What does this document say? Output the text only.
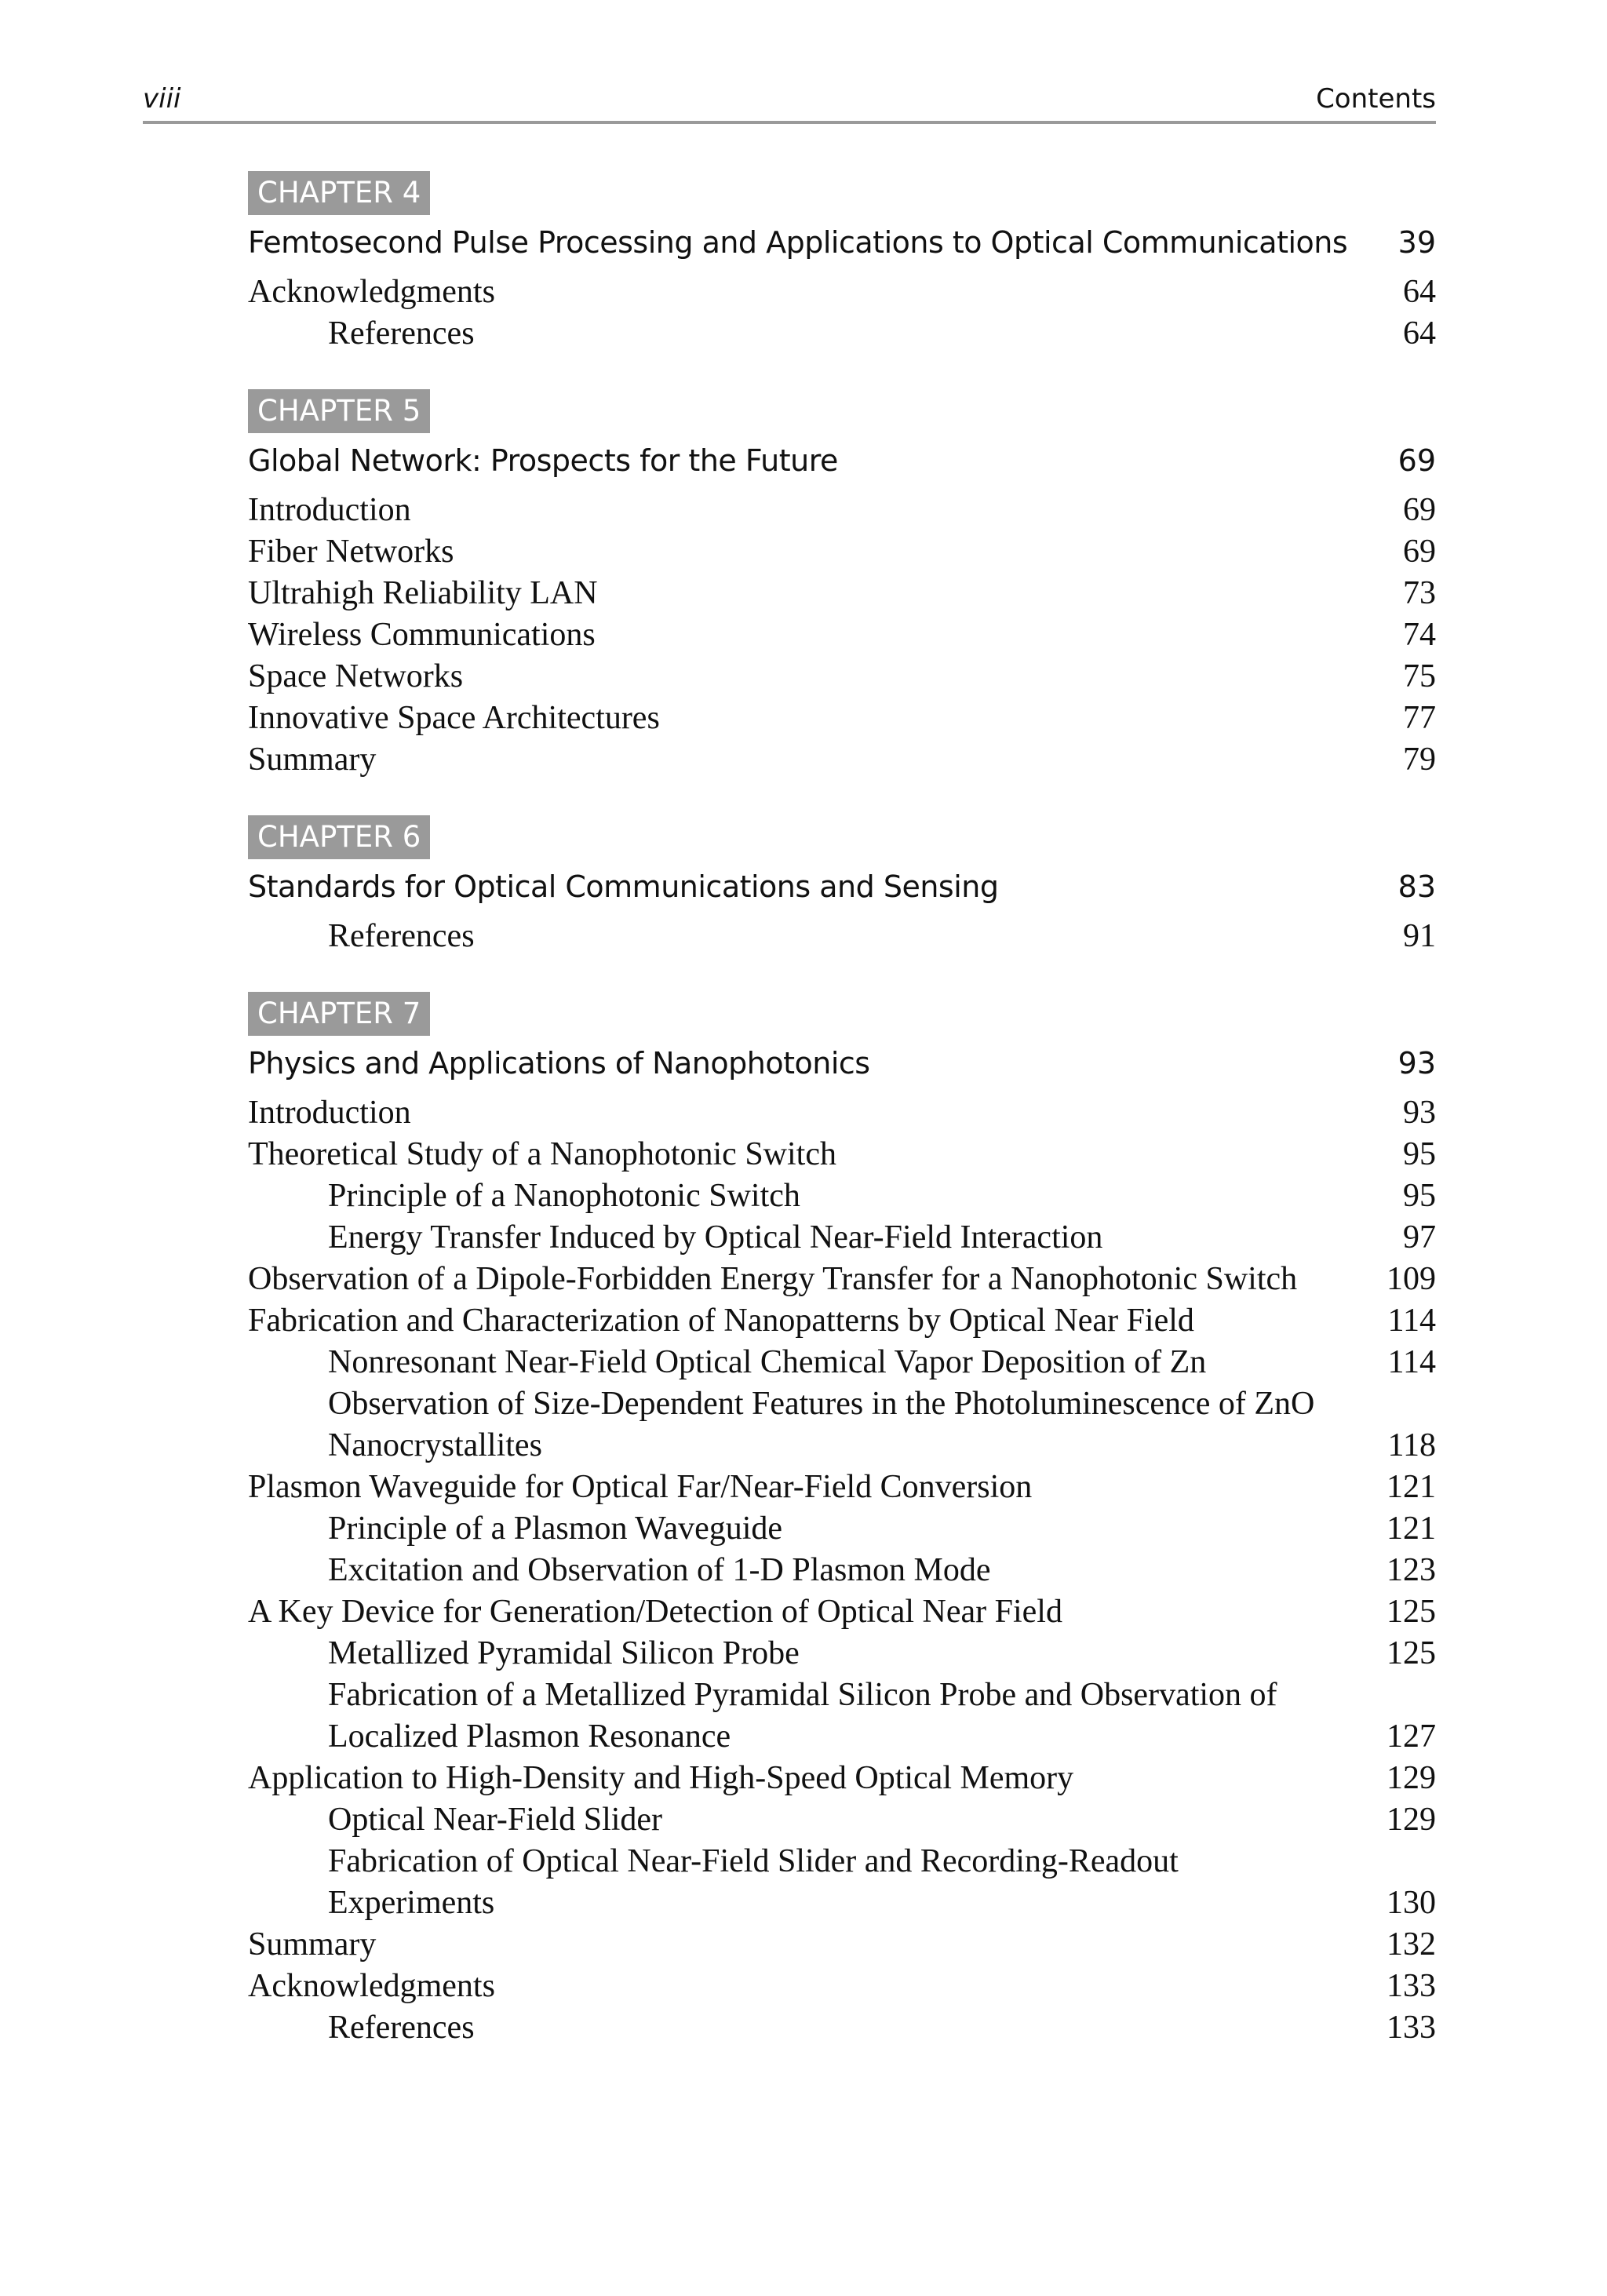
viii	Contents
CHAPTER 4
Femtosecond Pulse Processing and Applications to Optical Communications	39
Acknowledgments	64
References	64
CHAPTER 5
Global Network: Prospects for the Future	69
Introduction	69
Fiber Networks	69
Ultrahigh Reliability LAN	73
Wireless Communications	74
Space Networks	75
Innovative Space Architectures	77
Summary	79
CHAPTER 6
Standards for Optical Communications and Sensing	83
References	91
CHAPTER 7
Physics and Applications of Nanophotonics	93
Introduction	93
Theoretical Study of a Nanophotonic Switch	95
Principle of a Nanophotonic Switch	95
Energy Transfer Induced by Optical Near-Field Interaction	97
Observation of a Dipole-Forbidden Energy Transfer for a Nanophotonic Switch	109
Fabrication and Characterization of Nanopatterns by Optical Near Field	114
Nonresonant Near-Field Optical Chemical Vapor Deposition of Zn	114
Observation of Size-Dependent Features in the Photoluminescence of ZnO Nanocrystallites	118
Plasmon Waveguide for Optical Far/Near-Field Conversion	121
Principle of a Plasmon Waveguide	121
Excitation and Observation of 1-D Plasmon Mode	123
A Key Device for Generation/Detection of Optical Near Field	125
Metallized Pyramidal Silicon Probe	125
Fabrication of a Metallized Pyramidal Silicon Probe and Observation of Localized Plasmon Resonance	127
Application to High-Density and High-Speed Optical Memory	129
Optical Near-Field Slider	129
Fabrication of Optical Near-Field Slider and Recording-Readout Experiments	130
Summary	132
Acknowledgments	133
References	133
